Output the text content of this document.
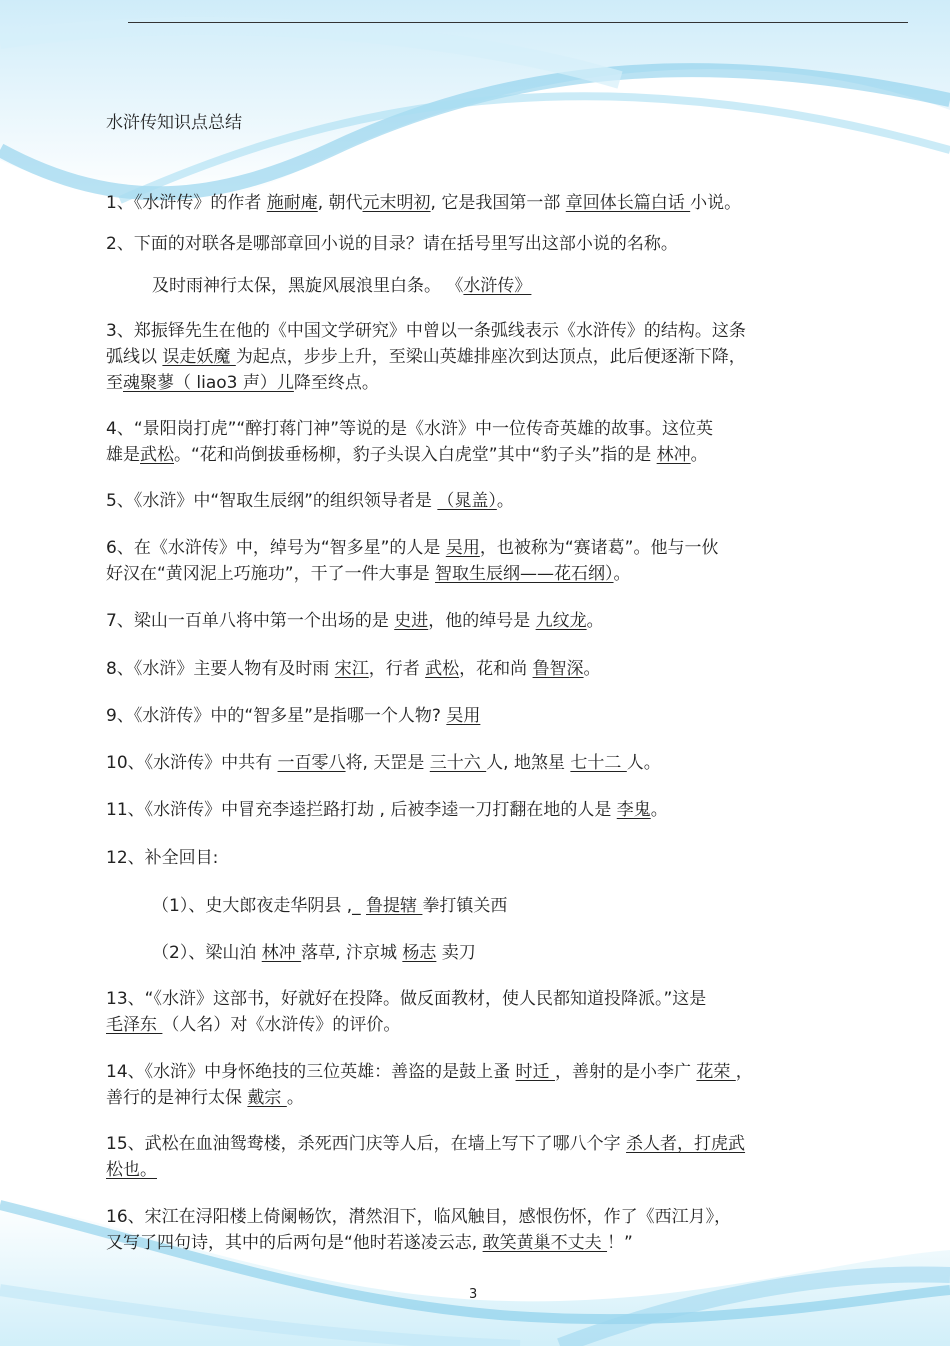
水浒传知识点总结
1、《水浒传》的作者 施耐庵, 朝代元末明初, 它是我国第一部 章回体长篇白话 小说。
2、下面的对联各是哪部章回小说的目录？请在括号里写出这部小说的名称。
及时雨神行太保，黑旋风展浪里白条。 《水浒传》
3、郑振铎先生在他的《中国文学研究》中曾以一条弧线表示《水浒传》的结构。这条
弧线以 误走妖魔 为起点，步步上升，至梁山英雄排座次到达顶点，此后便逐渐下降，
至魂聚蓼（ liao3 声）儿降至终点。
4、“景阳岗打虎”“醉打蒋门神”等说的是《水浒》中一位传奇英雄的故事。这位英
雄是武松。“花和尚倒拔垂杨柳，豹子头误入白虎堂”其中“豹子头”指的是 林冲。
5、《水浒》中“智取生辰纲”的组织领导者是 （晁盖）。
6、在《水浒传》中，绰号为“智多星”的人是 吴用，也被称为“赛诸葛”。他与一伙
好汉在“黄冈泥上巧施功”，干了一件大事是 智取生辰纲——花石纲）。
7、梁山一百单八将中第一个出场的是 史进，他的绰号是 九纹龙。
8、《水浒》主要人物有及时雨 宋江，行者 武松，花和尚 鲁智深。
9、《水浒传》中的“智多星”是指哪一个人物? 吴用
10、《水浒传》中共有 一百零八将, 天罡是 三十六 人, 地煞星 七十二 人。
11、《水浒传》中冒充李逵拦路打劫 , 后被李逵一刀打翻在地的人是 李鬼。
12、补全回目:
（1）、史大郎夜走华阴县 ,_ 鲁提辖 拳打镇关西
（2）、梁山泊 林冲 落草, 汴京城 杨志 卖刀
13、“《水浒》这部书，好就好在投降。做反面教材，使人民都知道投降派。”这是
毛泽东 （人名）对《水浒传》的评价。
14、《水浒》中身怀绝技的三位英雄：善盗的是鼓上蚤 时迁 ，善射的是小李广 花荣 ，
善行的是神行太保 戴宗 。
15、武松在血油鸳鸯楼，杀死西门庆等人后，在墙上写下了哪八个字 杀人者，打虎武
松也。
16、宋江在浔阳楼上倚阑畅饮，潸然泪下，临风触目，感恨伤怀，作了《西江月》，
又写了四句诗，其中的后两句是“他时若遂凌云志, 敢笑黄巢不丈夫 ！”
3
